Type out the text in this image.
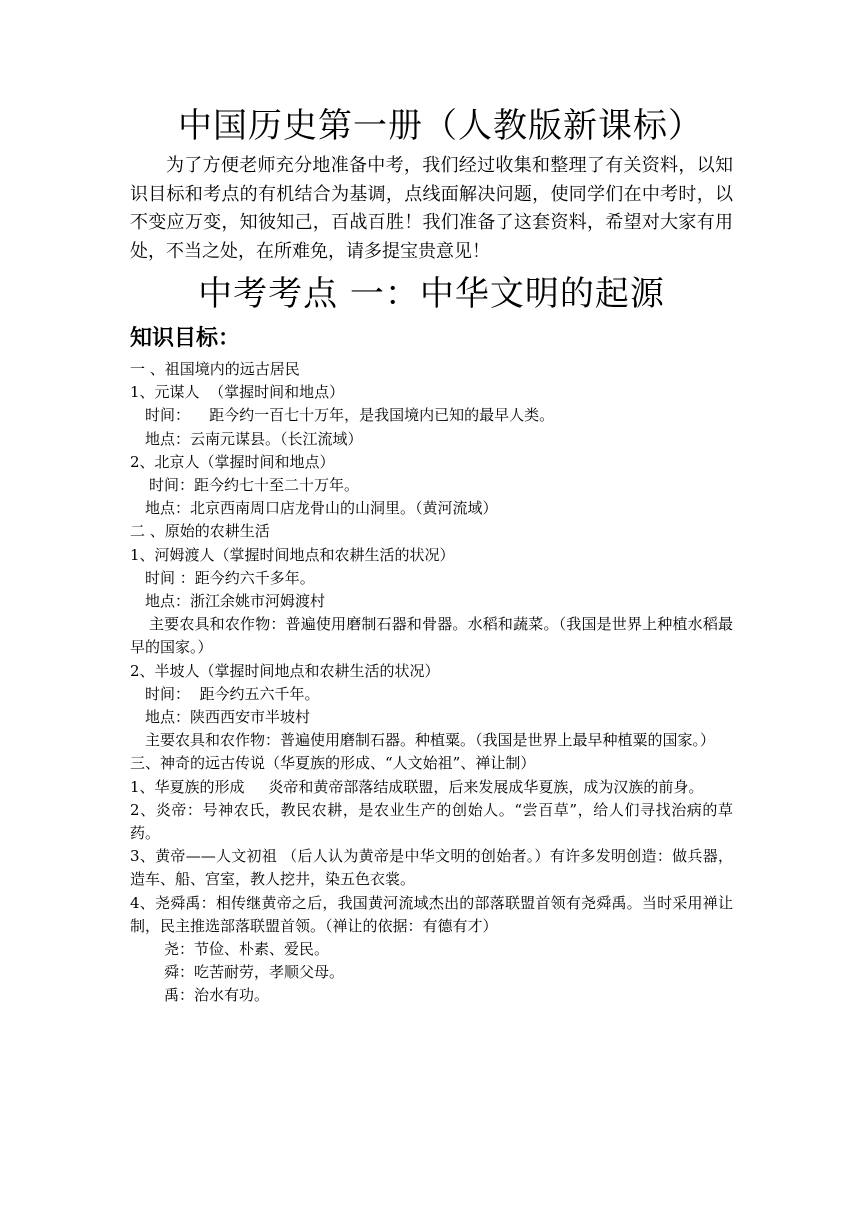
中国历史第一册（人教版新课标）

为了方便老师充分地准备中考，我们经过收集和整理了有关资料，以知识目标和考点的有机结合为基调，点线面解决问题，使同学们在中考时，以不变应万变，知彼知己，百战百胜！我们准备了这套资料，希望对大家有用处，不当之处，在所难免，请多提宝贵意见！

中考考点 一：中华文明的起源
知识目标：

一 、祖国境内的远古居民

1、元谋人  （掌握时间和地点）

时间：    距今约一百七十万年，是我国境内已知的最早人类。

地点：云南元谋县。（长江流域）

2、北京人（掌握时间和地点）

时间：距今约七十至二十万年。

地点：北京西南周口店龙骨山的山洞里。（黄河流域）

二 、原始的农耕生活

1、河姆渡人（掌握时间地点和农耕生活的状况）

时间 ：距今约六千多年。

地点：浙江余姚市河姆渡村

主要农具和农作物：普遍使用磨制石器和骨器。水稻和蔬菜。（我国是世界上种植水稻最早的国家。）

2、半坡人（掌握时间地点和农耕生活的状况）

时间：  距今约五六千年。

地点：陕西西安市半坡村

主要农具和农作物：普遍使用磨制石器。种植粟。（我国是世界上最早种植粟的国家。）

三、神奇的远古传说（华夏族的形成、“人文始祖”、禅让制）

1、华夏族的形成     炎帝和黄帝部落结成联盟，后来发展成华夏族，成为汉族的前身。

2、炎帝：号神农氏，教民农耕，是农业生产的创始人。“尝百草”，给人们寻找治病的草药。

3、黄帝——人文初祖 （后人认为黄帝是中华文明的创始者。）有许多发明创造：做兵器，造车、船、宫室，教人挖井，染五色衣裳。

4、尧舜禹：相传继黄帝之后，我国黄河流域杰出的部落联盟首领有尧舜禹。当时采用禅让制，民主推选部落联盟首领。（禅让的依据：有德有才）

尧：节俭、朴素、爱民。

舜：吃苦耐劳，孝顺父母。

禹：治水有功。
